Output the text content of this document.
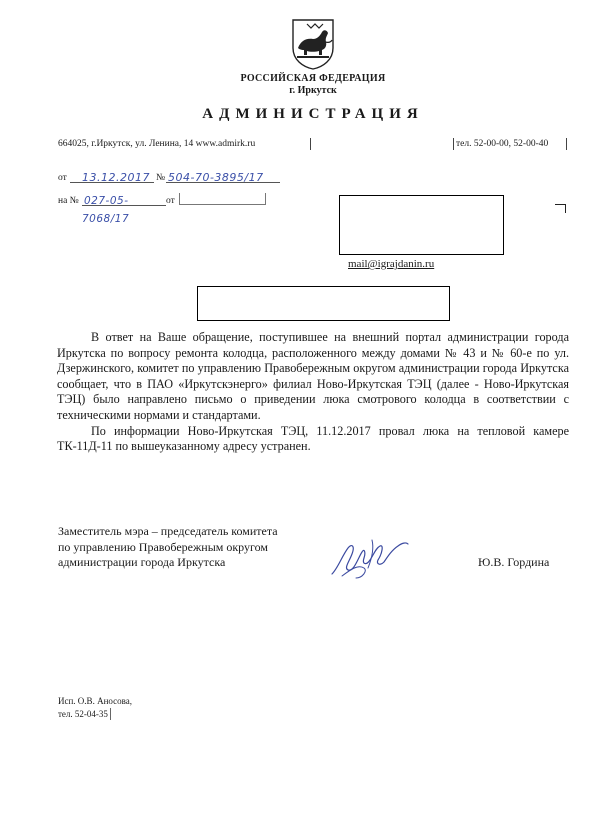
РОССИЙСКАЯ ФЕДЕРАЦИЯ
г. Иркутск
АДМИНИСТРАЦИЯ
664025, г.Иркутск, ул. Ленина, 14 www.admirk.ru	тел. 52-00-00, 52-00-40
от	13.12.2017 № 504-70-3895/17
на № 027-05-7068/17
от
mail@igrajdanin.ru

В ответ на Ваше обращение, поступившее на внешний портал администрации города Иркутска по вопросу ремонта колодца, расположенного между домами № 43 и № 60-е по ул. Дзержинского, комитет по управлению Правобережным округом администрации города Иркутска сообщает, что в ПАО «Иркутскэнерго» филиал Ново-Иркутская ТЭЦ (далее - Ново-Иркутская ТЭЦ) было направлено письмо о приведении люка смотрового колодца в соответствии с техническими нормами и стандартами.

По информации Ново-Иркутская ТЭЦ, 11.12.2017 провал люка на тепловой камере ТК-11Д-11 по вышеуказанному адресу устранен.

Заместитель мэра – председатель комитета
по управлению Правобережным округом
администрации города Иркутска	Ю.В. Гордина
Исп. О.В. Аносова,
тел. 52-04-35
